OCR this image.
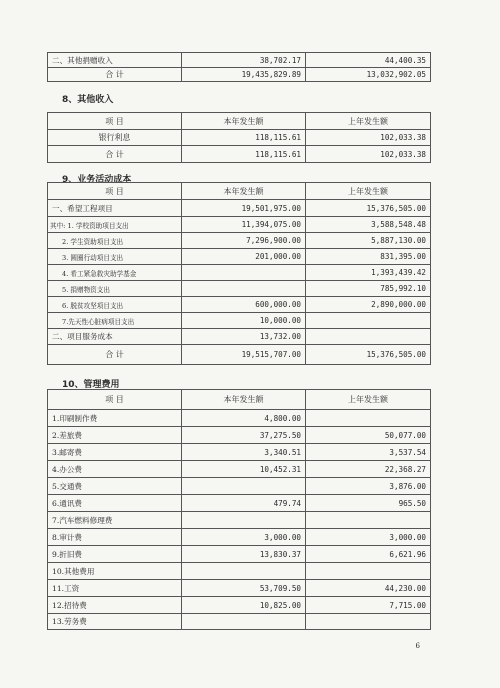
二、其他捐赠收入	38,702.17	44,400.35
合 计	19,435,829.89	13,032,902.05
8、其他收入
项 目	本年发生额	上年发生额
银行利息	118,115.61	102,033.38
合 计	118,115.61	102,033.38
9、业务活动成本
项 目	本年发生额	上年发生额
一、希望工程项目	19,501,975.00	15,376,505.00
其中: 1. 学校资助项目支出	11,394,075.00	3,588,548.48
2. 学生资助项目支出	7,296,900.00	5,887,130.00
3. 圆圈行动项目支出	201,000.00	831,395.00
4. 希工紧急救灾助学基金		1,393,439.42
5. 捐赠物资支出		785,992.10
6. 脱贫攻坚项目支出	600,000.00	2,890,000.00
7.先天性心脏病项目支出	10,000.00	
二、项目服务成本	13,732.00	
合 计	19,515,707.00	15,376,505.00
10、管理费用
项 目	本年发生额	上年发生额
1.印刷制作费	4,800.00	
2.差旅费	37,275.50	50,077.00
3.邮寄费	3,340.51	3,537.54
4.办公费	10,452.31	22,368.27
5.交通费		3,876.00
6.通讯费	479.74	965.50
7.汽车燃料修理费		
8.审计费	3,000.00	3,000.00
9.折旧费	13,830.37	6,621.96
10.其他费用		
11.工资	53,709.50	44,230.00
12.招待费	10,825.00	7,715.00
13.劳务费		
6
